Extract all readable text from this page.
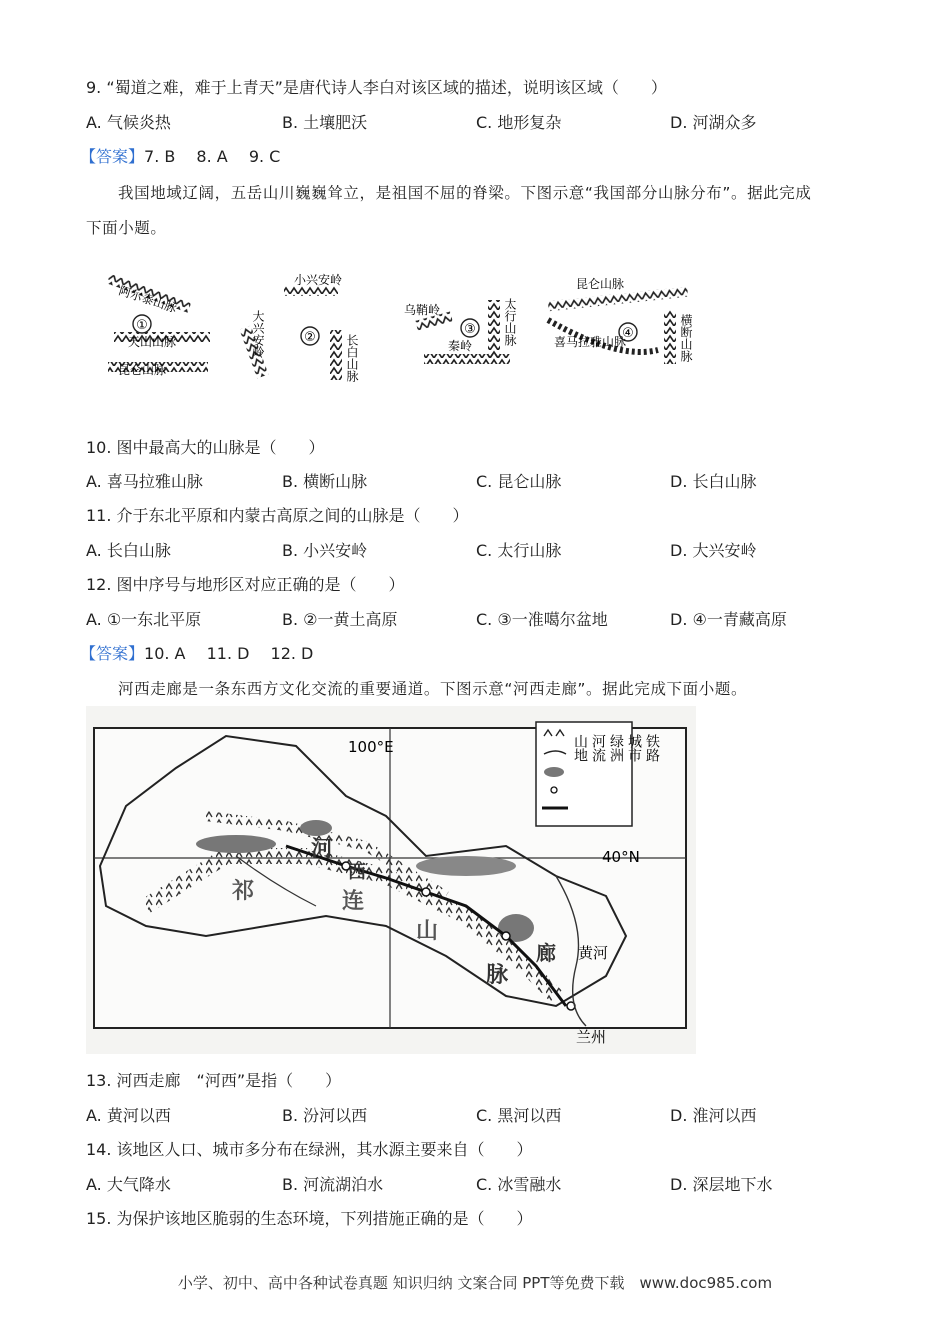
9. “蜀道之难，难于上青天”是唐代诗人李白对该区域的描述，说明该区域（　　）
A. 气候炎热	B. 土壤肥沃	C. 地形复杂	D. 河湖众多
【答案】7. B　 8. A　 9. C
我国地域辽阔，五岳山川巍巍耸立，是祖国不屈的脊梁。下图示意“我国部分山脉分布”。据此完成
下面小题。
①
阿尔泰山脉
天山山脉
昆仑山脉
②
小兴安岭
大兴安岭	长白山脉
③
乌鞘岭
秦岭	太行山脉	④
昆仑山脉
喜马拉雅山脉	横断山脉
10. 图中最高大的山脉是（　　）
A. 喜马拉雅山脉	B. 横断山脉	C. 昆仑山脉	D. 长白山脉
11. 介于东北平原和内蒙古高原之间的山脉是（　　）
A. 长白山脉	B. 小兴安岭	C. 太行山脉	D. 大兴安岭
12. 图中序号与地形区对应正确的是（　　）
A. ①一东北平原	B. ②一黄土高原	C. ③一准噶尔盆地	D. ④一青藏高原
【答案】10. A　 11. D　 12. D
河西走廊是一条东西方文化交流的重要通道。下图示意“河西走廊”。据此完成下面小题。
100°E
40°N
河
西
祁	连
山
廊
脉
黄河
兰州
山地 河流 绿洲 城市 铁路
13. 河西走廊　“河西”是指（　　）
A. 黄河以西	B. 汾河以西	C. 黑河以西	D. 淮河以西
14. 该地区人口、城市多分布在绿洲，其水源主要来自（　　）
A. 大气降水	B. 河流湖泊水	C. 冰雪融水	D. 深层地下水
15. 为保护该地区脆弱的生态环境，下列措施正确的是（　　）
小学、初中、高中各种试卷真题 知识归纳 文案合同 PPT等免费下载　www.doc985.com
